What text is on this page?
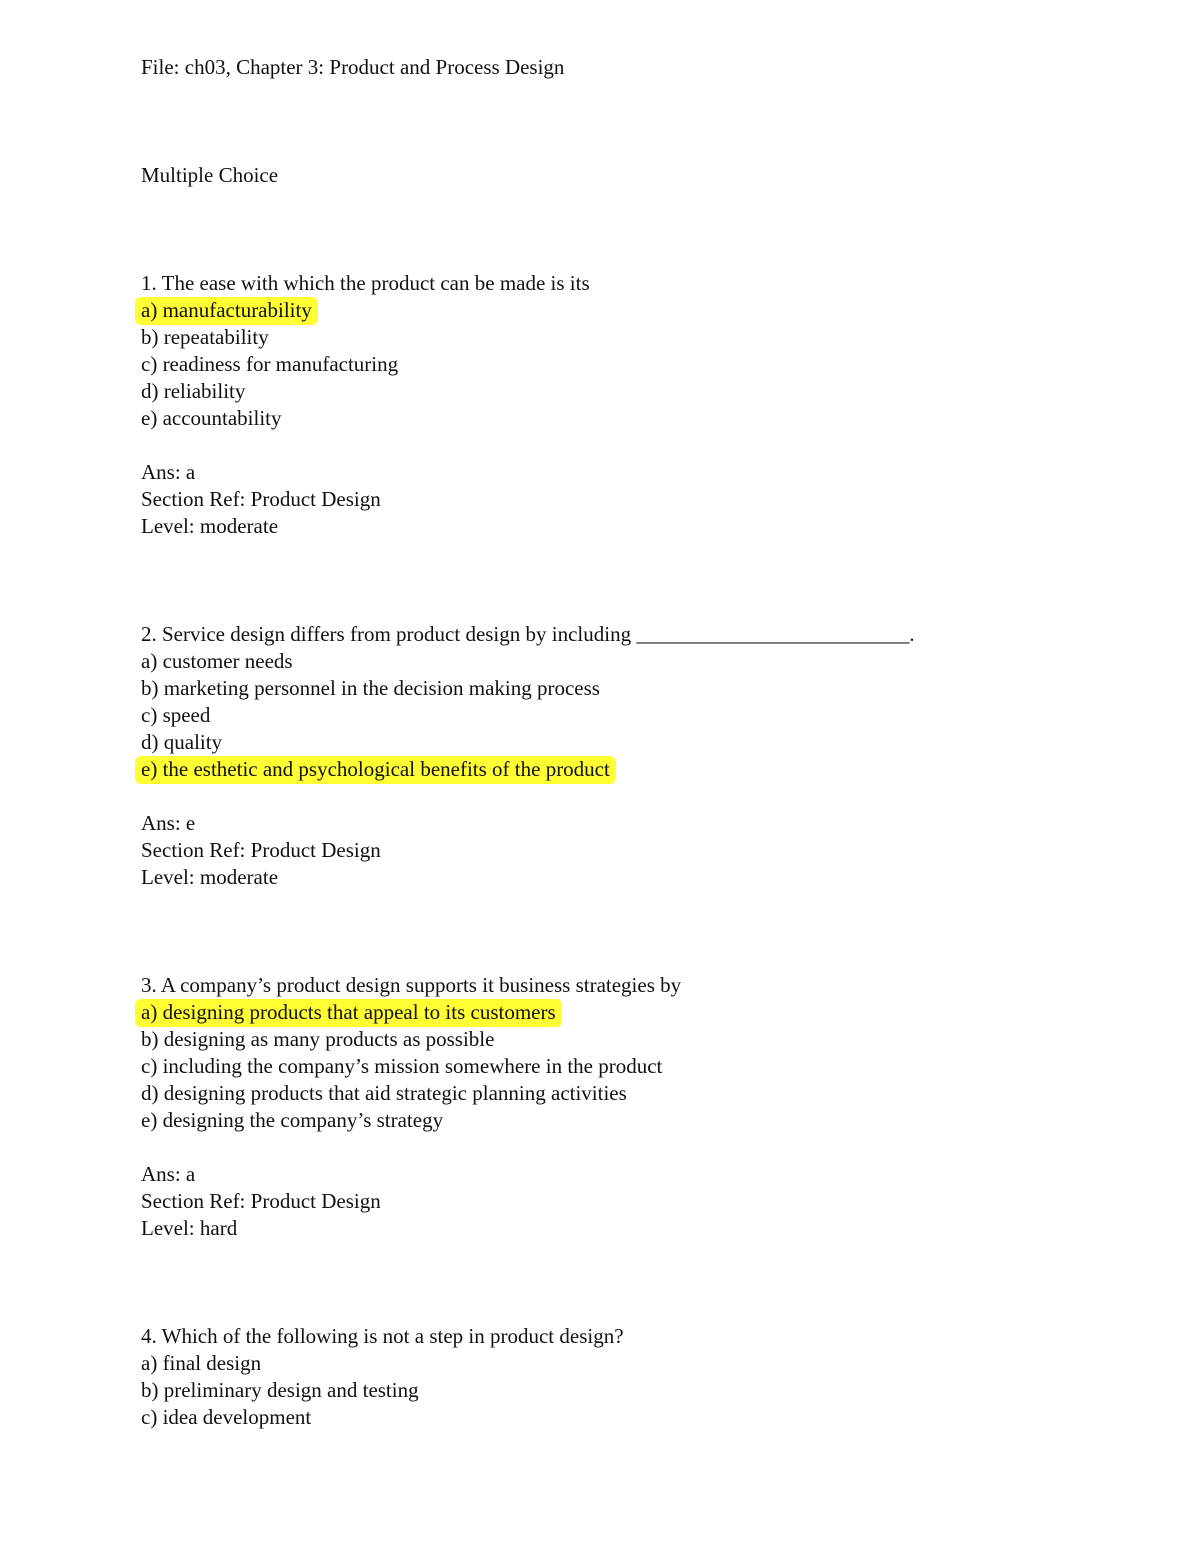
File: ch03, Chapter 3: Product and Process Design
Multiple Choice
1. The ease with which the product can be made is its
a) manufacturability
b) repeatability
c) readiness for manufacturing
d) reliability
e) accountability
Ans: a
Section Ref: Product Design
Level: moderate
2. Service design differs from product design by including __________________________.
a) customer needs
b) marketing personnel in the decision making process
c) speed
d) quality
e) the esthetic and psychological benefits of the product
Ans: e
Section Ref: Product Design
Level: moderate
3. A company’s product design supports it business strategies by
a) designing products that appeal to its customers
b) designing as many products as possible
c) including the company’s mission somewhere in the product
d) designing products that aid strategic planning activities
e) designing the company’s strategy
Ans: a
Section Ref: Product Design
Level: hard
4. Which of the following is not a step in product design?
a) final design
b) preliminary design and testing
c) idea development
